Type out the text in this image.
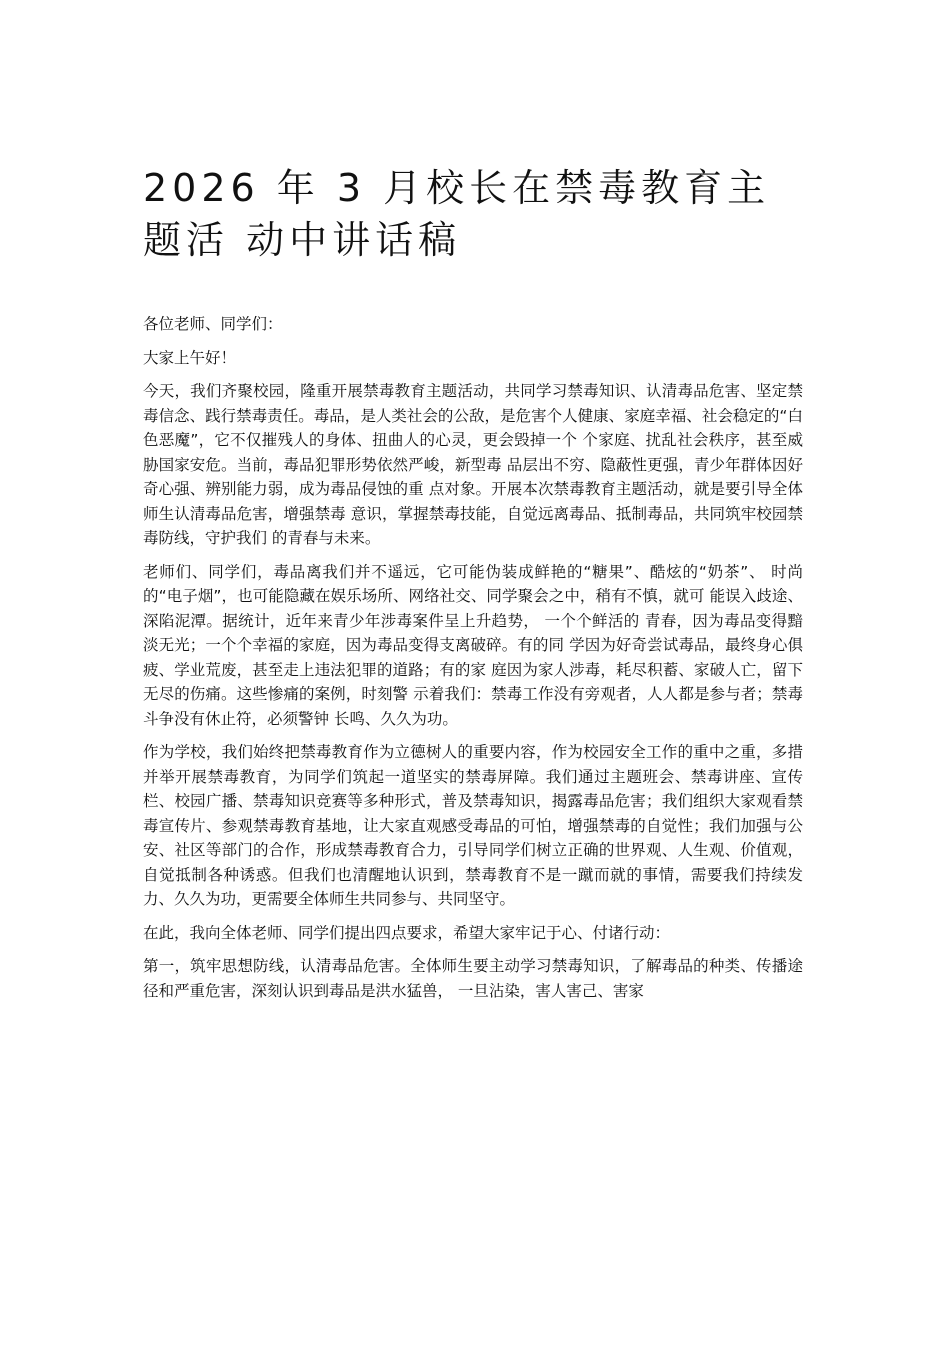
2026 年 3 月校长在禁毒教育主题活 动中讲话稿

各位老师、同学们：

大家上午好！

今天，我们齐聚校园，隆重开展禁毒教育主题活动，共同学习禁毒知识、认清毒品危害、坚定禁毒信念、践行禁毒责任。毒品，是人类社会的公敌，是危害个人健康、家庭幸福、社会稳定的“白色恶魔”，它不仅摧残人的身体、扭曲人的心灵，更会毁掉一个 个家庭、扰乱社会秩序，甚至威胁国家安危。当前，毒品犯罪形势依然严峻，新型毒 品层出不穷、隐蔽性更强，青少年群体因好奇心强、辨别能力弱，成为毒品侵蚀的重 点对象。开展本次禁毒教育主题活动，就是要引导全体师生认清毒品危害，增强禁毒 意识，掌握禁毒技能，自觉远离毒品、抵制毒品，共同筑牢校园禁毒防线，守护我们 的青春与未来。

老师们、同学们，毒品离我们并不遥远，它可能伪装成鲜艳的“糖果”、酷炫的“奶茶”、 时尚的“电子烟”，也可能隐藏在娱乐场所、网络社交、同学聚会之中，稍有不慎，就可 能误入歧途、深陷泥潭。据统计，近年来青少年涉毒案件呈上升趋势， 一个个鲜活的 青春，因为毒品变得黯淡无光；一个个幸福的家庭，因为毒品变得支离破碎。有的同 学因为好奇尝试毒品，最终身心俱疲、学业荒废，甚至走上违法犯罪的道路；有的家 庭因为家人涉毒，耗尽积蓄、家破人亡，留下无尽的伤痛。这些惨痛的案例，时刻警 示着我们：禁毒工作没有旁观者，人人都是参与者；禁毒斗争没有休止符，必须警钟 长鸣、久久为功。

作为学校，我们始终把禁毒教育作为立德树人的重要内容，作为校园安全工作的重中之重，多措并举开展禁毒教育，为同学们筑起一道坚实的禁毒屏障。我们通过主题班会、禁毒讲座、宣传栏、校园广播、禁毒知识竞赛等多种形式，普及禁毒知识，揭露毒品危害；我们组织大家观看禁毒宣传片、参观禁毒教育基地，让大家直观感受毒品的可怕，增强禁毒的自觉性；我们加强与公安、社区等部门的合作，形成禁毒教育合力，引导同学们树立正确的世界观、人生观、价值观，自觉抵制各种诱惑。但我们也清醒地认识到，禁毒教育不是一蹴而就的事情，需要我们持续发力、久久为功，更需要全体师生共同参与、共同坚守。

在此，我向全体老师、同学们提出四点要求，希望大家牢记于心、付诸行动：

第一，筑牢思想防线，认清毒品危害。全体师生要主动学习禁毒知识，了解毒品的种类、传播途径和严重危害，深刻认识到毒品是洪水猛兽， 一旦沾染，害人害己、害家
